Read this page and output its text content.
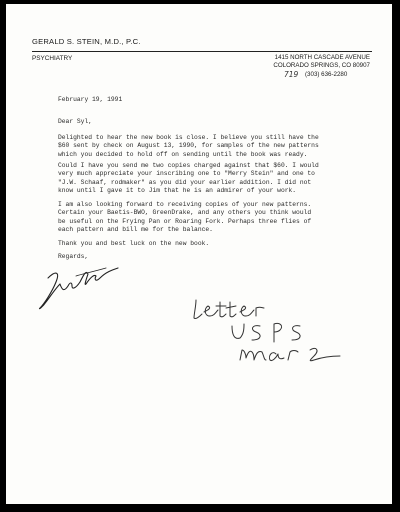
GERALD S. STEIN, M.D., P.C.
PSYCHIATRY	1415 NORTH CASCADE AVENUE
COLORADO SPRINGS, CO 80907
719 (303) 636-2280
February 19, 1991
Dear Syl,
Delighted to hear the new book is close. I believe you still have the
$60 sent by check on August 13, 1990, for samples of the new patterns
which you decided to hold off on sending until the book was ready.
Could I have you send me two copies charged against that $60. I would
very much appreciate your inscribing one to "Merry Stein" and one to
"J.W. Schaaf, rodmaker" as you did your earlier addition. I did not
know until I gave it to Jim that he is an admirer of your work.
I am also looking forward to receiving copies of your new patterns.
Certain your Baetis-BWO, GreenDrake, and any others you think would
be useful on the Frying Pan or Roaring Fork. Perhaps three flies of
each pattern and bill me for the balance.
Thank you and best luck on the new book.
Regards,
